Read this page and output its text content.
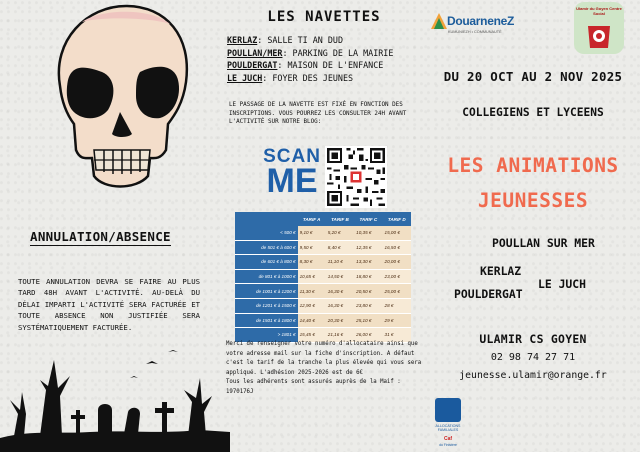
ANNULATION/ABSENCE
TOUTE ANNULATION DEVRA SE FAIRE AU PLUS TARD 48H AVANT L'ACTIVITÉ. AU-DELÀ DU DÉLAI IMPARTI L'ACTIVITÉ SERA FACTURÉE ET TOUTE ABSENCE NON JUSTIFIÉE SERA SYSTÉMATIQUEMENT FACTURÉE.
LES NAVETTES
KERLAZ: SALLE TI AN DUD
POULLAN/MER: PARKING DE LA MAIRIE
POULDERGAT: MAISON DE L'ENFANCE
LE JUCH: FOYER DES JEUNES
LE PASSAGE DE LA NAVETTE EST FIXÉ EN FONCTION DES INSCRIPTIONS. VOUS POURREZ LES CONSULTER 24H AVANT L'ACTIVITÉ SUR NOTRE BLOG:
SCAN
ME
	TARIF A	TARIF B	TARIF C	TARIF D
< 500 €	9,10 €	5,20 €	10,35 €	15,00 €
de 501 € à 600 €	9,50 €	8,40 €	12,35 €	16,50 €
de 601 € à 800 €	8,30 €	11,10 €	13,30 €	20,00 €
de 801 € à 1000 €	10,65 €	14,50 €	18,80 €	23,00 €
de 1001 € à 1200 €	11,30 €	16,30 €	20,50 €	25,00 €
de 1201 € à 1500 €	12,90 €	16,30 €	23,80 €	28 €
de 1501 € à 1800 €	14,40 €	20,30 €	25,10 €	29 €
> 1801 €	15,45 €	21,16 €	26,00 €	31 €
Merci de renseigner votre numéro d'allocataire ainsi que votre adresse mail sur la fiche d'inscription. A défaut c'est le tarif de la tranche la plus élevée qui vous sera appliqué. L'adhésion 2025-2026 est de 6€
Tous les adhérents sont assurés auprès de la Maif : 1970176J
DouarneneZ
KUMUNIEZH • COMMUNAUTÉ
Ulamir du Goyen Centre Social
DU 20 OCT AU 2 NOV 2025
COLLEGIENS ET LYCEENS
LES ANIMATIONS
JEUNESSES
POULLAN SUR MER
KERLAZ
LE JUCH
POULDERGAT
ULAMIR CS GOYEN
02 98 74 27 71
jeunesse.ulamir@orange.fr
ALLOCATIONS FAMILIALES
Caf
du Finistère
